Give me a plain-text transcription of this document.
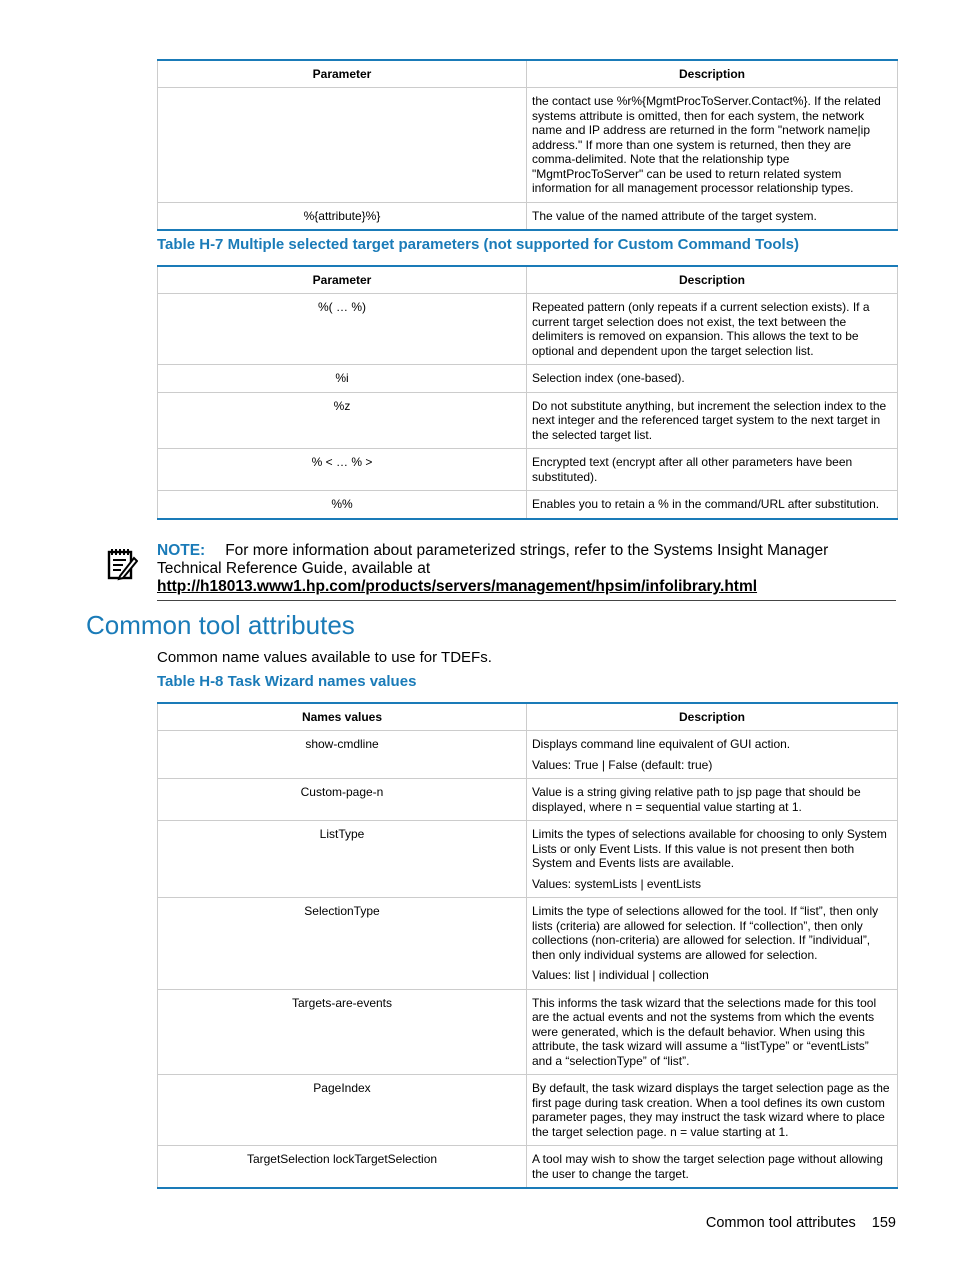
Parameter	Description

	the contact use %r%{MgmtProcToServer.Contact%}. If the related systems attribute is omitted, then for each system, the network name and IP address are returned in the form "network name|ip address." If more than one system is returned, then they are comma-delimited. Note that the relationship type "MgmtProcToServer" can be used to return related system information for all management processor relationship types.

%{attribute}%}	The value of the named attribute of the target system.

Table H-7 Multiple selected target parameters (not supported for Custom Command Tools)

Parameter	Description
%( … %)	Repeated pattern (only repeats if a current selection exists). If a current target selection does not exist, the text between the delimiters is removed on expansion. This allows the text to be optional and dependent upon the target selection list.

%i	Selection index (one-based).

%z	Do not substitute anything, but increment the selection index to the next integer and the referenced target system to the next target in the selected target list.

% < … % >	Encrypted text (encrypt after all other parameters have been substituted).

%%	Enables you to retain a % in the command/URL after substitution.

NOTE: For more information about parameterized strings, refer to the Systems Insight Manager Technical Reference Guide, available at http://h18013.www1.hp.com/products/servers/management/hpsim/infolibrary.html
Common tool attributes

Common name values available to use for TDEFs.

Table H-8 Task Wizard names values

Names values	Description
show-cmdline	Displays command line equivalent of GUI action.

Values: True | False (default: true)

Custom-page-n	Value is a string giving relative path to jsp page that should be displayed, where n = sequential value starting at 1.

ListType	Limits the types of selections available for choosing to only System Lists or only Event Lists. If this value is not present then both System and Events lists are available.

Values: systemLists | eventLists

SelectionType	Limits the type of selections allowed for the tool. If “list”, then only lists (criteria) are allowed for selection. If “collection”, then only collections (non-criteria) are allowed for selection. If ”individual”, then only individual systems are allowed for selection.

Values: list | individual | collection

Targets-are-events	This informs the task wizard that the selections made for this tool are the actual events and not the systems from which the events were generated, which is the default behavior. When using this attribute, the task wizard will assume a “listType” or “eventLists” and a “selectionType” of “list”.

PageIndex	By default, the task wizard displays the target selection page as the first page during task creation. When a tool defines its own custom parameter pages, they may instruct the task wizard where to place the target selection page. n = value starting at 1.

TargetSelection lockTargetSelection	A tool may wish to show the target selection page without allowing the user to change the target.

Common tool attributes 159
